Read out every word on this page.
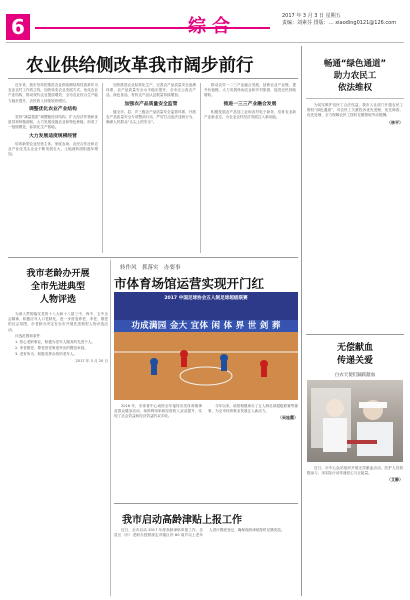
6	综合	2017 年 3 月 3 日 星期五
责编：刘素芬 排版：… xiaoding0121@126.com
农业供给侧改革我市阔步前行

近年来，我市坚持把推进农业供给侧结构性改革作为农业农村工作的主线，加快转变农业发展方式，优化农业产业结构，推动现代农业提质增效，全市农业综合生产能力稳步提升，农民收入持续较快增长。

调整优化农业产业结构

坚持“减量提质”调整粮经饲结构，扩大经济作物和优质饲草种植面积，大力发展设施农业和特色种植，形成了一批规模化、标准化生产基地。

大力发展适度规模经营

培育新型农业经营主体，家庭农场、农民合作社和农业产业化龙头企业不断发展壮大，土地流转面积逐年增加。

加快推进农业标准化生产，完善农产品质量安全追溯体系，农产品质量安全水平稳步提升，全市无公害农产品、绿色食品、有机农产品认证数量持续增加。

加强农产品质量安全监管

健全市、县、乡三级农产品质量安全监管体系，开展农产品质量安全专项整治行动，严厉打击违法违规行为，确保人民群众“舌尖上的安全”。

推动农村一二三产业融合发展，延伸农业产业链，提升价值链，大力发展休闲农业和乡村旅游，促进农民持续增收。

推进一三三产业融合发展

积极发展农产品加工业和农村电子商务，培育农业新产业新业态，为农业农村经济发展注入新动能。

畅通“绿色通道”
助力农民工
依法维权

为切实维护农民工合法权益，我市人社部门开通农民工维权“绿色通道”，对农民工欠薪投诉优先受理、优先调查、优先处理，全力保障农民工按时足额领取劳动报酬。

（林平）
无偿献血
传递关爱
白衣天使们踊跃献血

近日，市中心血站组织开展无偿献血活动，医护人员积极参与，用实际行动传递爱心与正能量。

（艾静）
转作风　抓落实　办要事
市体育场馆运营实现开门红
2017 中国足球协会五人制足球超级联赛
功成满园 金大 宜体 闲 体 界 世 剑 葬

2016 年，市体育中心场馆全年接待各类体育赛事及群众健身活动，场馆利用率和经营收入双双提升，实现了社会效益和经济效益的双丰收。

今年以来，场馆相继承办了五人制足球超级联赛等赛事，为全市体育事业发展注入新活力。

（吴桂霞）
我市老龄办开展
全市先进典型
人物评选

为深入贯彻落实党的十八大和十八届三中、四中、五中全会精神，积极应对人口老龄化，进一步营造养老、孝老、敬老的社会氛围，市老龄办决定在全市开展先进典型人物评选活动。

评选范围和条件：

1. 热心老龄事业，积极为老年人服务的先进个人。

2. 孝老敬老、尊老爱老事迹突出的模范家庭。

3. 老有所为、积极发挥余热的老年人。

2017 年 3 月 20 日
我市启动高龄津贴上报工作

近日，全市启动 2017 年度高龄津贴申报工作，各县区（市）老龄办按照规定对辖区内 80 周岁以上老年人进行摸底登记，确保高龄津贴按时足额发放。
